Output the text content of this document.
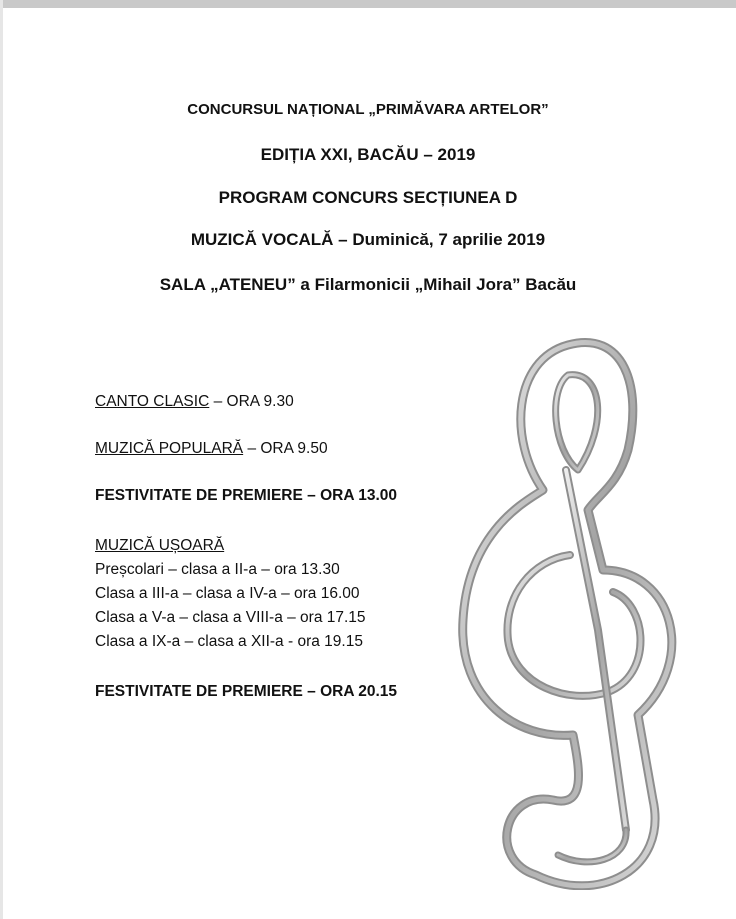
CONCURSUL NAȚIONAL „PRIMĂVARA ARTELOR”
EDIȚIA XXI, BACĂU – 2019
PROGRAM CONCURS SECȚIUNEA D
MUZICĂ VOCALĂ – Duminică, 7 aprilie 2019
SALA „ATENEU” a Filarmonicii „Mihail Jora” Bacău
CANTO CLASIC – ORA 9.30
MUZICĂ POPULARĂ – ORA 9.50
FESTIVITATE DE PREMIERE – ORA 13.00
MUZICĂ UȘOARĂ
Preșcolari – clasa a II-a – ora 13.30
Clasa a III-a – clasa a IV-a – ora 16.00
Clasa a V-a – clasa a VIII-a – ora 17.15
Clasa a IX-a – clasa a XII-a - ora 19.15
FESTIVITATE DE PREMIERE – ORA 20.15
